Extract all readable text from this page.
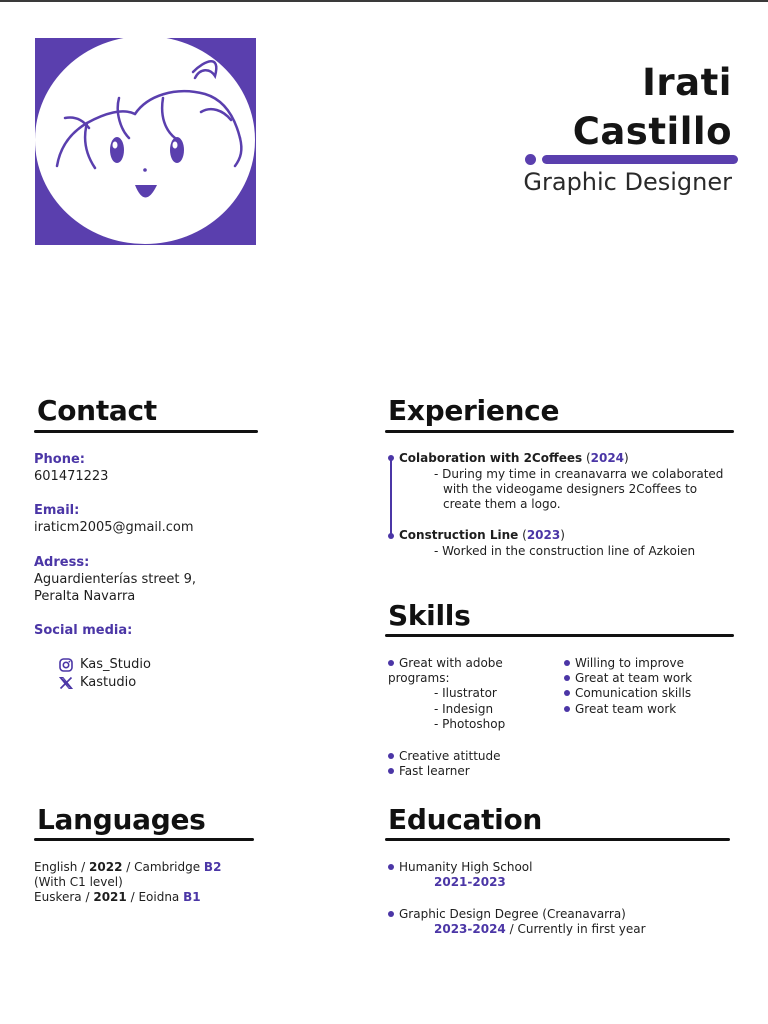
Irati
Castillo
Graphic Designer
Contact
Phone:
601471223
Email:
iraticm2005@gmail.com
Adress:
Aguardienterías street 9,
Peralta Navarra
Social media:
Kas_Studio
Kastudio
Languages
English / 2022 / Cambridge B2
(With C1 level)
Euskera / 2021 / Eoidna B1
Experience
Colaboration with 2Coffees (2024)
- During my time in creanavarra we colaborated
with the videogame designers 2Coffees to
create them a logo.
Construction Line (2023)
- Worked in the construction line of Azkoien
Skills
Great with adobe
programs:
- Ilustrator
- Indesign
- Photoshop
Creative atittude
Fast learner
Willing to improve
Great at team work
Comunication skills
Great team work
Education
Humanity High School
2021-2023
Graphic Design Degree (Creanavarra)
2023-2024 / Currently in first year
